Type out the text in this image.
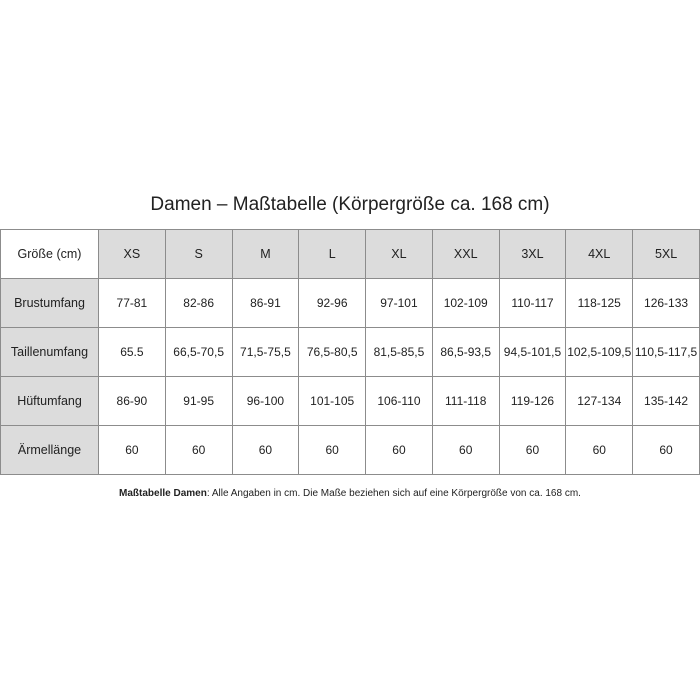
Damen – Maßtabelle (Körpergröße ca. 168 cm)
Größe (cm)	XS	S	M	L	XL	XXL	3XL	4XL	5XL
Brustumfang	77-81	82-86	86-91	92-96	97-101	102-109	110-117	118-125	126-133
Taillenumfang	65.5	66,5-70,5	71,5-75,5	76,5-80,5	81,5-85,5	86,5-93,5	94,5-101,5	102,5-109,5	110,5-117,5
Hüftumfang	86-90	91-95	96-100	101-105	106-110	111-118	119-126	127-134	135-142
Ärmellänge	60	60	60	60	60	60	60	60	60
Maßtabelle Damen: Alle Angaben in cm. Die Maße beziehen sich auf eine Körpergröße von ca. 168 cm.
